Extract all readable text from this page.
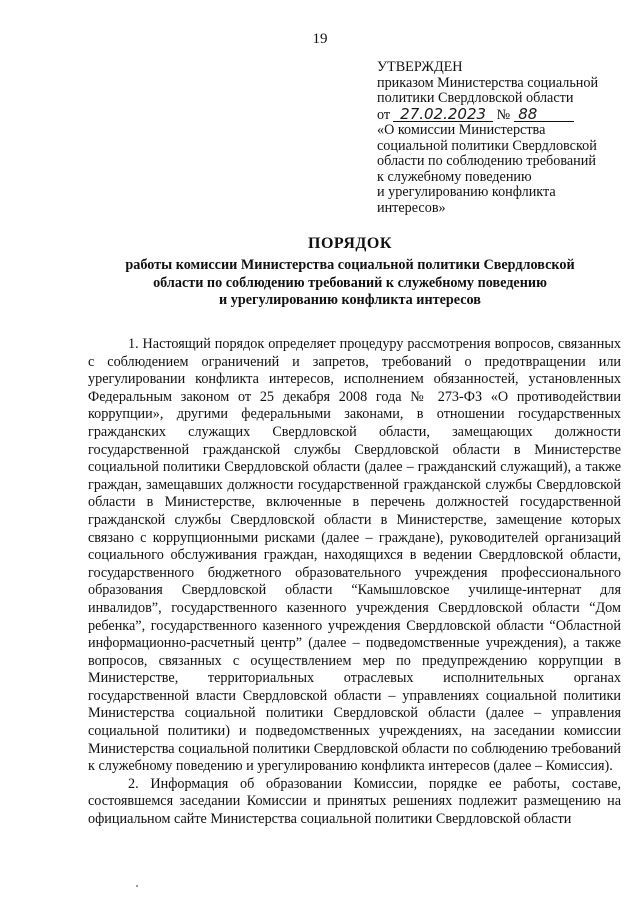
19
УТВЕРЖДЕН
приказом Министерства социальной
политики Свердловской области
от 27.02.2023 № 88
«О комиссии Министерства
социальной политики Свердловской
области по соблюдению требований
к служебному поведению
и урегулированию конфликта
интересов»
ПОРЯДОК
работы комиссии Министерства социальной политики Свердловской
области по соблюдению требований к служебному поведению
и урегулированию конфликта интересов

1. Настоящий порядок определяет процедуру рассмотрения вопросов, связанных с соблюдением ограничений и запретов, требований о предотвращении или урегулировании конфликта интересов, исполнением обязанностей, установленных Федеральным законом от 25 декабря 2008 года № 273-ФЗ «О противодействии коррупции», другими федеральными законами, в отношении государственных гражданских служащих Свердловской области, замещающих должности государственной гражданской службы Свердловской области в Министерстве социальной политики Свердловской области (далее – гражданский служащий), а также граждан, замещавших должности государственной гражданской службы Свердловской области в Министерстве, включенные в перечень должностей государственной гражданской службы Свердловской области в Министерстве, замещение которых связано с коррупционными рисками (далее – граждане), руководителей организаций социального обслуживания граждан, находящихся в ведении Свердловской области, государственного бюджетного образовательного учреждения профессионального образования Свердловской области “Камышловское училище-интернат для инвалидов”, государственного казенного учреждения Свердловской области “Дом ребенка”, государственного казенного учреждения Свердловской области “Областной информационно-расчетный центр” (далее – подведомственные учреждения), а также вопросов, связанных с осуществлением мер по предупреждению коррупции в Министерстве, территориальных отраслевых исполнительных органах государственной власти Свердловской области – управлениях социальной политики Министерства социальной политики Свердловской области (далее – управления социальной политики) и подведомственных учреждениях, на заседании комиссии Министерства социальной политики Свердловской области по соблюдению требований к служебному поведению и урегулированию конфликта интересов (далее – Комиссия).

2. Информация об образовании Комиссии, порядке ее работы, составе, состоявшемся заседании Комиссии и принятых решениях подлежит размещению на официальном сайте Министерства социальной политики Свердловской области
